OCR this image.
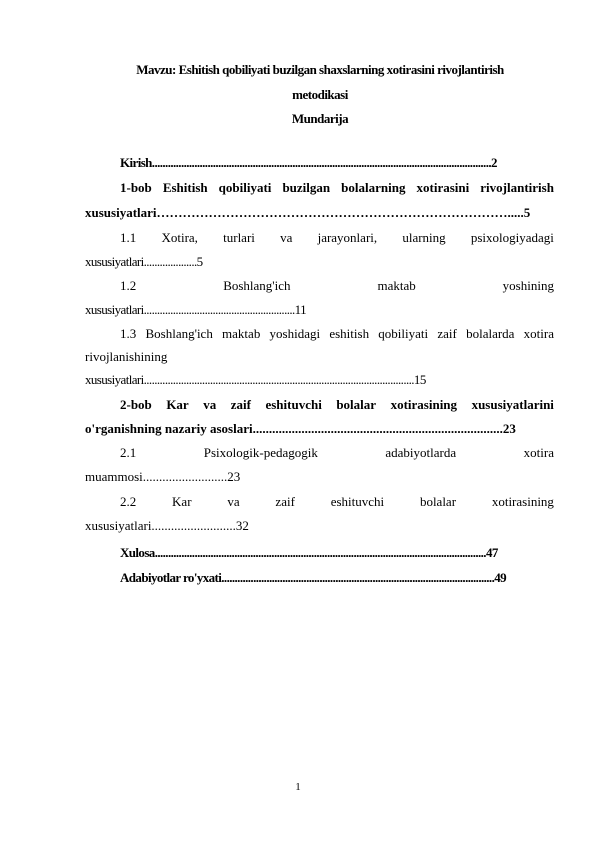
Mavzu: Eshitish qobiliyati buzilgan shaxslarning xotirasini rivojlantirish
metodikasi
Mundarija
Kirish................................................................................................................................2
1-bob Eshitish qobiliyati buzilgan bolalarning xotirasini rivojlantirish
xususiyatlari……………………………………………………………………….....5
1.1 Xotira, turlari va jarayonlari, ularning psixologiyadagi
xususiyatlari....................5
1.2	Boshlang'ich	maktab	yoshining
xususiyatlari.........................................................11
1.3 Boshlang'ich maktab yoshidagi eshitish qobiliyati zaif bolalarda xotira
rivojlanishining
xususiyatlari......................................................................................................15
2-bob Kar va zaif eshituvchi bolalar xotirasining xususiyatlarini
o'rganishning nazariy asoslari.............................................................................23
2.1	Psixologik-pedagogik	adabiyotlarda	xotira
muammosi..........................23
2.2	Kar	va	zaif	eshituvchi	bolalar	xotirasining
xususiyatlari..........................32
Xulosa.............................................................................................................................47
Adabiyotlar ro'yxati.......................................................................................................49
1
